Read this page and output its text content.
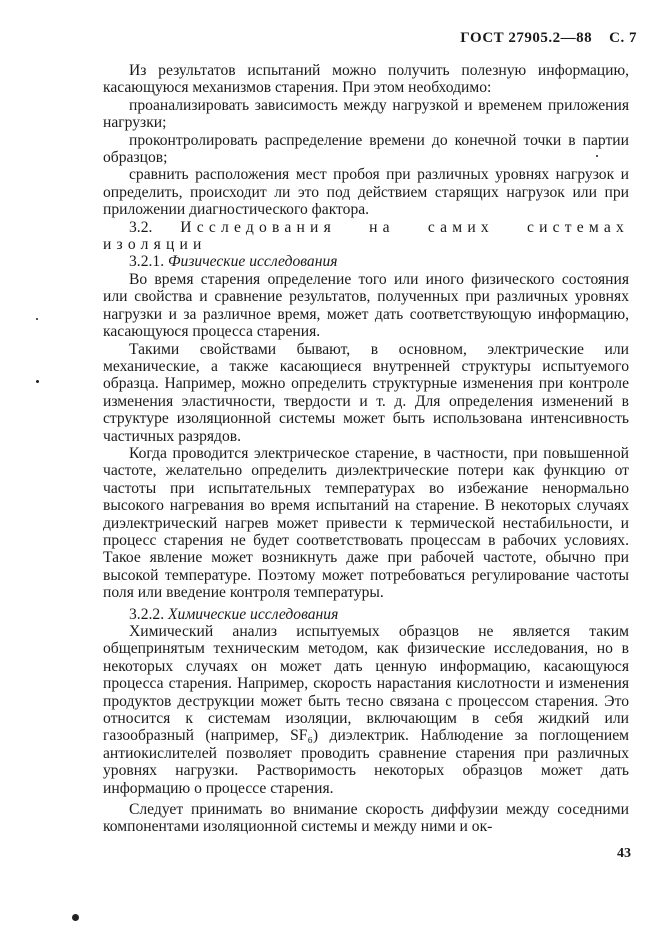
ГОСТ 27905.2—88 С. 7

Из результатов испытаний можно получить полезную информацию, касающуюся механизмов старения. При этом необходимо:

проанализировать зависимость между нагрузкой и временем приложения нагрузки;

проконтролировать распределение времени до конечной точки в партии образцов;

сравнить расположения мест пробоя при различных уровнях нагрузок и определить, происходит ли это под действием старящих нагрузок или при приложении диагностического фактора.

3.2. Исследования на самих системах изоляции

3.2.1. Физические исследования

Во время старения определение того или иного физического состояния или свойства и сравнение результатов, полученных при различных уровнях нагрузки и за различное время, может дать соответствующую информацию, касающуюся процесса старения.

Такими свойствами бывают, в основном, электрические или механические, а также касающиеся внутренней структуры испытуемого образца. Например, можно определить структурные изменения при контроле изменения эластичности, твердости и т. д. Для определения изменений в структуре изоляционной системы может быть использована интенсивность частичных разрядов.

Когда проводится электрическое старение, в частности, при повышенной частоте, желательно определить диэлектрические потери как функцию от частоты при испытательных температурах во избежание ненормально высокого нагревания во время испытаний на старение. В некоторых случаях диэлектрический нагрев может привести к термической нестабильности, и процесс старения не будет соответствовать процессам в рабочих условиях. Такое явление может возникнуть даже при рабочей частоте, обычно при высокой температуре. Поэтому может потребоваться регулирование частоты поля или введение контроля температуры.

3.2.2. Химические исследования

Химический анализ испытуемых образцов не является таким общепринятым техническим методом, как физические исследования, но в некоторых случаях он может дать ценную информацию, касающуюся процесса старения. Например, скорость нарастания кислотности и изменения продуктов деструкции может быть тесно связана с процессом старения. Это относится к системам изоляции, включающим в себя жидкий или газообразный (например, SF₆) диэлектрик. Наблюдение за поглощением антиокислителей позволяет проводить сравнение старения при различных уровнях нагрузки. Растворимость некоторых образцов может дать информацию о процессе старения.

Следует принимать во внимание скорость диффузии между соседними компонентами изоляционной системы и между ними и ок-

43
